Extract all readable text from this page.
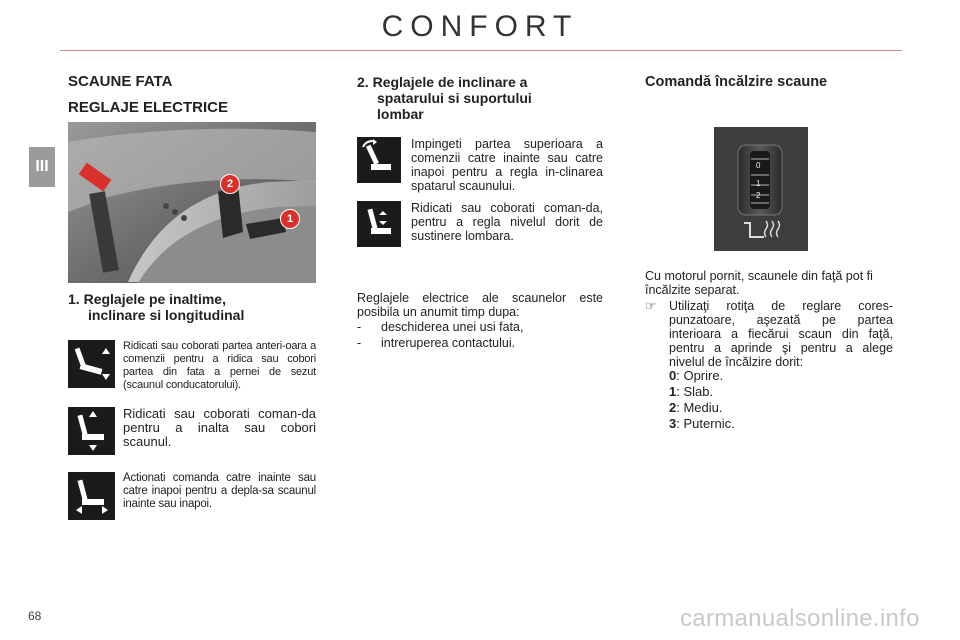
CONFORT
III
SCAUNE FATA
REGLAJE ELECTRICE
2
1
1. Reglajele pe inaltime,
inclinare si longitudinal
Ridicati sau coborati partea anteri-oara a comenzii pentru a ridica sau cobori partea din fata a pernei de sezut (scaunul conducatorului).
Ridicati sau coborati coman-da pentru a inalta sau cobori scaunul.
Actionati comanda catre inainte sau catre inapoi pentru a depla-sa scaunul inainte sau inapoi.
2. Reglajele de inclinare a
spatarului si suportului
lombar
Impingeti partea superioara a comenzii catre inainte sau catre inapoi pentru a regla in-clinarea spatarul scaunului.
Ridicati sau coborati coman-da, pentru a regla nivelul dorit de sustinere lombara.
Reglajele electrice ale scaunelor este posibila un anumit timp dupa:
- deschiderea unei usi fata,
- intreruperea contactului.
Comandă încălzire scaune
0
1
2
Cu motorul pornit, scaunele din faţă pot fi încălzite separat.
☞	Utilizaţi rotiţa de reglare cores-punzatoare, aşezată pe partea interioara a fiecărui scaun din faţă, pentru a aprinde şi pentru a alege nivelul de încălzire dorit:
0: Oprire.
1: Slab.
2: Mediu.
3: Puternic.
68	carmanualsonline.info
